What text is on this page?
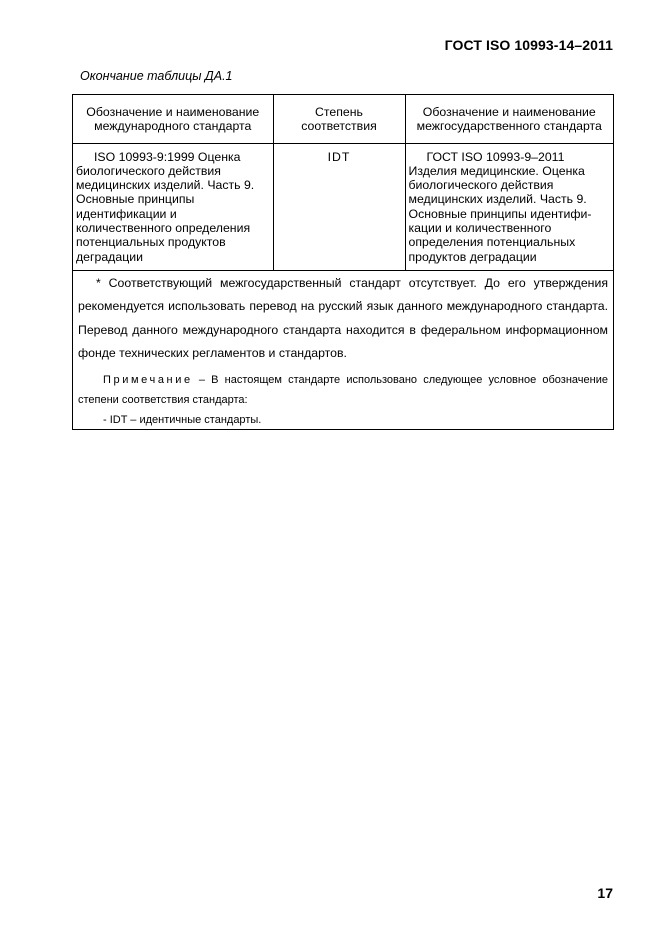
ГОСТ ISO 10993-14–2011
Окончание таблицы ДА.1
Обозначение и наименование международного стандарта	Степень соответствия	Обозначение и наименование межгосударственного стандарта

ISO 10993-9:1999 Оценка биологического действия медицинских изделий. Часть 9. Основные принципы идентификации и количественного определения потенциальных продуктов деградации	IDT	ГОСТ ISO 10993-9–2011 Изделия медицинские. Оценка биологического действия медицинских изделий. Часть 9. Основные принципы идентификации и количественного определения потенциальных продуктов деградации

* Соответствующий межгосударственный стандарт отсутствует. До его утверждения рекомендуется использовать перевод на русский язык данного международного стандарта. Перевод данного международного стандарта находится в федеральном информационном фонде технических регламентов и стандартов.

Примечание – В настоящем стандарте использовано следующее условное обозначение степени соответствия стандарта:

- IDT – идентичные стандарты.

17
